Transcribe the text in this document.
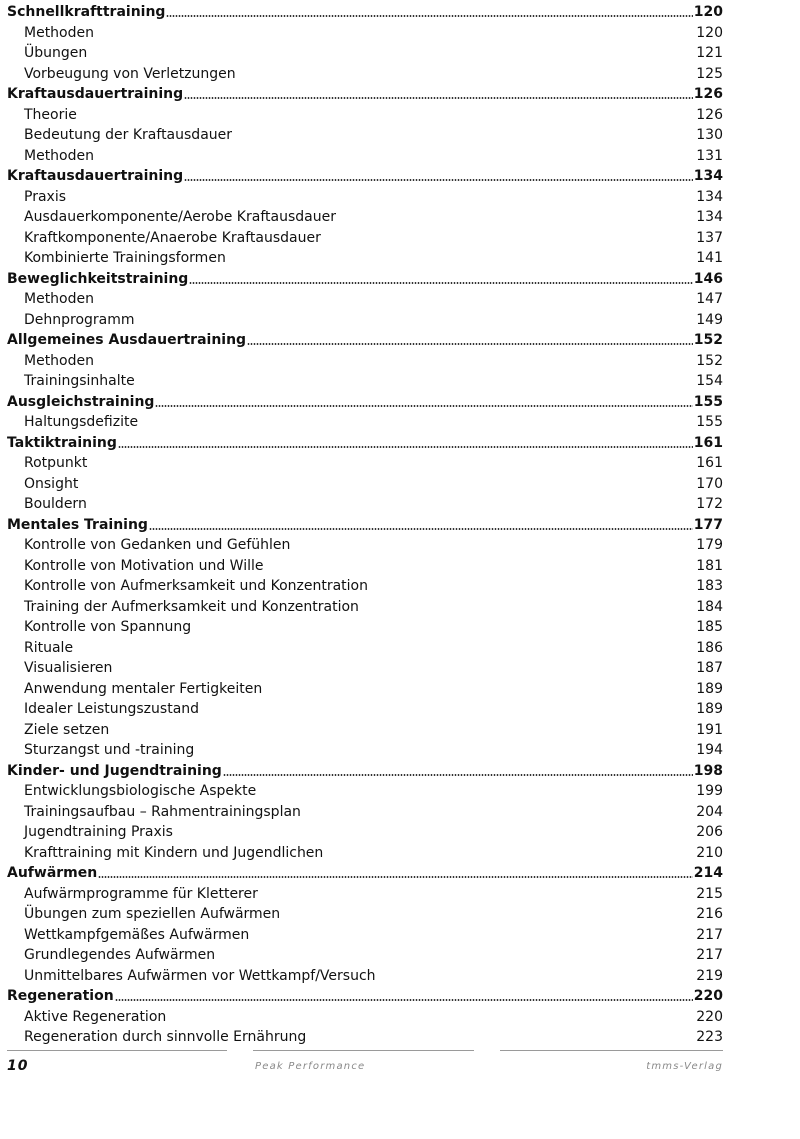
Schnellkrafttraining	120
Methoden	120
Übungen	121
Vorbeugung von Verletzungen	125
Kraftausdauertraining	126
Theorie	126
Bedeutung der Kraftausdauer	130
Methoden	131
Kraftausdauertraining	134
Praxis	134
Ausdauerkomponente/Aerobe Kraftausdauer	134
Kraftkomponente/Anaerobe Kraftausdauer	137
Kombinierte Trainingsformen	141
Beweglichkeitstraining	146
Methoden	147
Dehnprogramm	149
Allgemeines Ausdauertraining	152
Methoden	152
Trainingsinhalte	154
Ausgleichstraining	155
Haltungsdefizite	155
Taktiktraining	161
Rotpunkt	161
Onsight	170
Bouldern	172
Mentales Training	177
Kontrolle von Gedanken und Gefühlen	179
Kontrolle von Motivation und Wille	181
Kontrolle von Aufmerksamkeit und Konzentration	183
Training der Aufmerksamkeit und Konzentration	184
Kontrolle von Spannung	185
Rituale	186
Visualisieren	187
Anwendung mentaler Fertigkeiten	189
Idealer Leistungszustand	189
Ziele setzen	191
Sturzangst und -training	194
Kinder- und Jugendtraining	198
Entwicklungsbiologische Aspekte	199
Trainingsaufbau – Rahmentrainingsplan	204
Jugendtraining Praxis	206
Krafttraining mit Kindern und Jugendlichen	210
Aufwärmen	214
Aufwärmprogramme für Kletterer	215
Übungen zum speziellen Aufwärmen	216
Wettkampfgemäßes Aufwärmen	217
Grundlegendes Aufwärmen	217
Unmittelbares Aufwärmen vor Wettkampf/Versuch	219
Regeneration	220
Aktive Regeneration	220
Regeneration durch sinnvolle Ernährung	223
10	Peak Performance	tmms-Verlag
